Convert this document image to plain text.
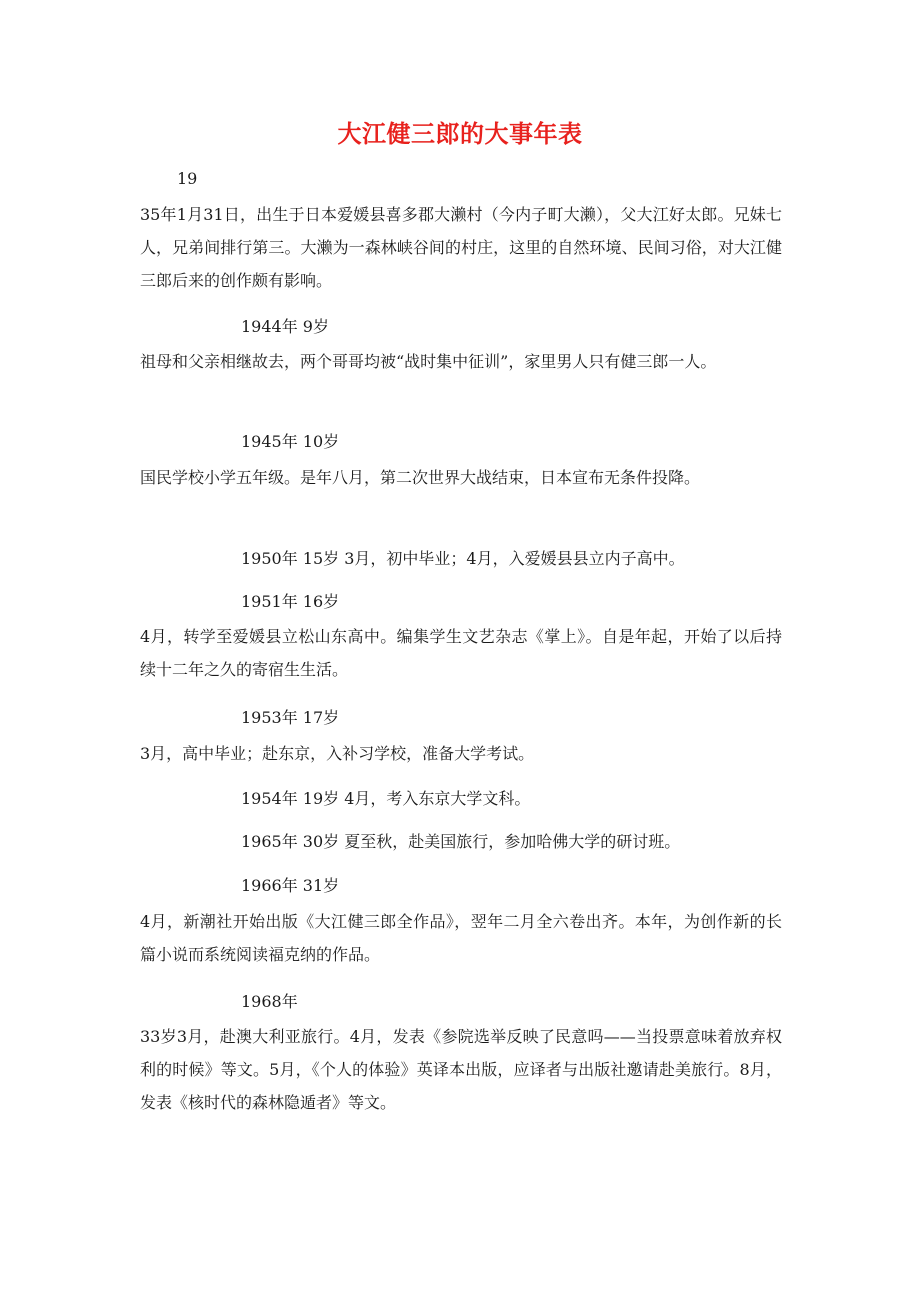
大江健三郎的大事年表
19
35年1月31日，出生于日本爱媛县喜多郡大濑村（今内子町大濑），父大江好太郎。兄妹七人，兄弟间排行第三。大濑为一森林峡谷间的村庄，这里的自然环境、民间习俗，对大江健三郎后来的创作颇有影响。
1944年 9岁
祖母和父亲相继故去，两个哥哥均被“战时集中征训”，家里男人只有健三郎一人。
1945年 10岁
国民学校小学五年级。是年八月，第二次世界大战结束，日本宣布无条件投降。
1950年 15岁 3月，初中毕业；4月，入爱媛县县立内子高中。
1951年 16岁
4月，转学至爱媛县立松山东高中。编集学生文艺杂志《掌上》。自是年起，开始了以后持续十二年之久的寄宿生生活。
1953年 17岁
3月，高中毕业；赴东京，入补习学校，准备大学考试。
1954年 19岁 4月，考入东京大学文科。
1965年 30岁 夏至秋，赴美国旅行，参加哈佛大学的研讨班。
1966年 31岁
4月，新潮社开始出版《大江健三郎全作品》，翌年二月全六卷出齐。本年，为创作新的长篇小说而系统阅读福克纳的作品。
1968年
33岁3月，赴澳大利亚旅行。4月，发表《参院选举反映了民意吗——当投票意味着放弃权利的时候》等文。5月，《个人的体验》英译本出版，应译者与出版社邀请赴美旅行。8月，发表《核时代的森林隐遁者》等文。
